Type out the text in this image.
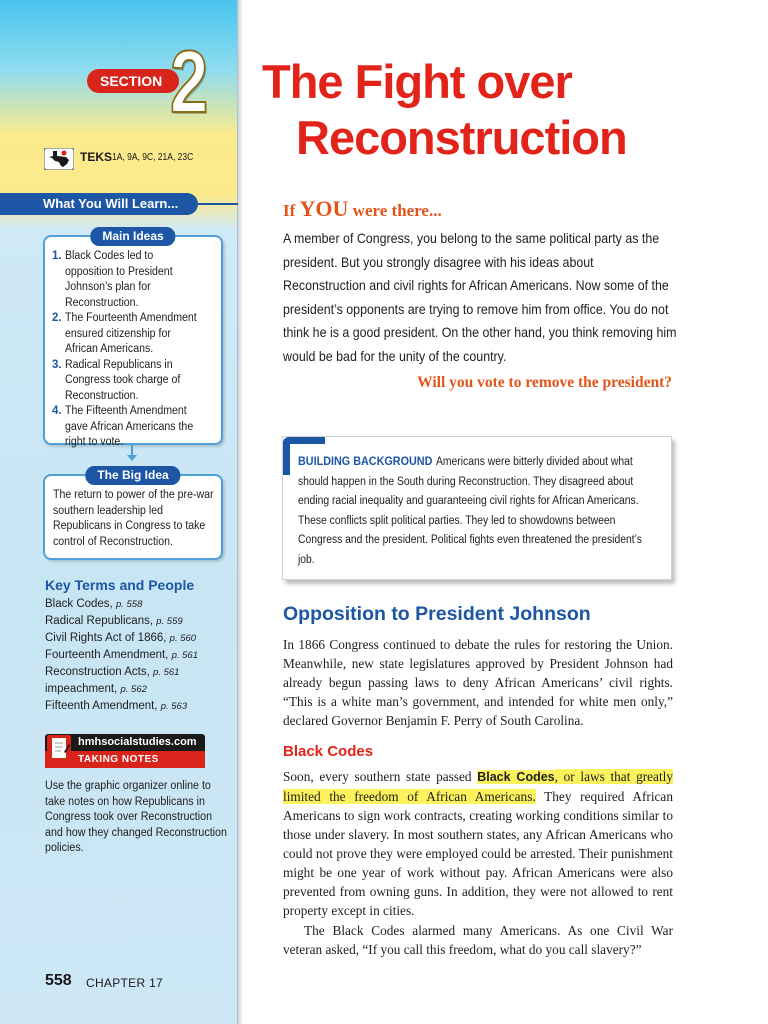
SECTION 2
TEKS 1A, 9A, 9C, 21A, 23C
What You Will Learn...
Main Ideas
1. Black Codes led to opposition to President Johnson’s plan for Reconstruction.
2. The Fourteenth Amendment ensured citizenship for African Americans.
3. Radical Republicans in Congress took charge of Reconstruction.
4. The Fifteenth Amendment gave African Americans the right to vote.
The Big Idea
The return to power of the pre-war southern leadership led Republicans in Congress to take control of Reconstruction.
Key Terms and People
Black Codes, p. 558
Radical Republicans, p. 559
Civil Rights Act of 1866, p. 560
Fourteenth Amendment, p. 561
Reconstruction Acts, p. 561
impeachment, p. 562
Fifteenth Amendment, p. 563
hmhsocialstudies.com
TAKING NOTES
Use the graphic organizer online to take notes on how Republicans in Congress took over Reconstruction and how they changed Reconstruction policies.
558 CHAPTER 17
The Fight over
Reconstruction
If YOU were there...
A member of Congress, you belong to the same political party as the president. But you strongly disagree with his ideas about Reconstruction and civil rights for African Americans. Now some of the president’s opponents are trying to remove him from office. You do not think he is a good president. On the other hand, you think removing him would be bad for the unity of the country.
Will you vote to remove the president?
BUILDING BACKGROUND Americans were bitterly divided about what should happen in the South during Reconstruction. They disagreed about ending racial inequality and guaranteeing civil rights for African Americans. These conflicts split political parties. They led to showdowns between Congress and the president. Political fights even threatened the president’s job.
Opposition to President Johnson
In 1866 Congress continued to debate the rules for restoring the Union. Meanwhile, new state legislatures approved by President Johnson had already begun passing laws to deny African Americans’ civil rights. “This is a white man’s government, and intended for white men only,” declared Governor Benjamin F. Perry of South Carolina.
Black Codes
Soon, every southern state passed Black Codes, or laws that greatly limited the freedom of African Americans. They required African Americans to sign work contracts, creating working conditions similar to those under slavery. In most southern states, any African Americans who could not prove they were employed could be arrested. Their punishment might be one year of work without pay. African Americans were also prevented from owning guns. In addition, they were not allowed to rent property except in cities.
The Black Codes alarmed many Americans. As one Civil War veteran asked, “If you call this freedom, what do you call slavery?”
